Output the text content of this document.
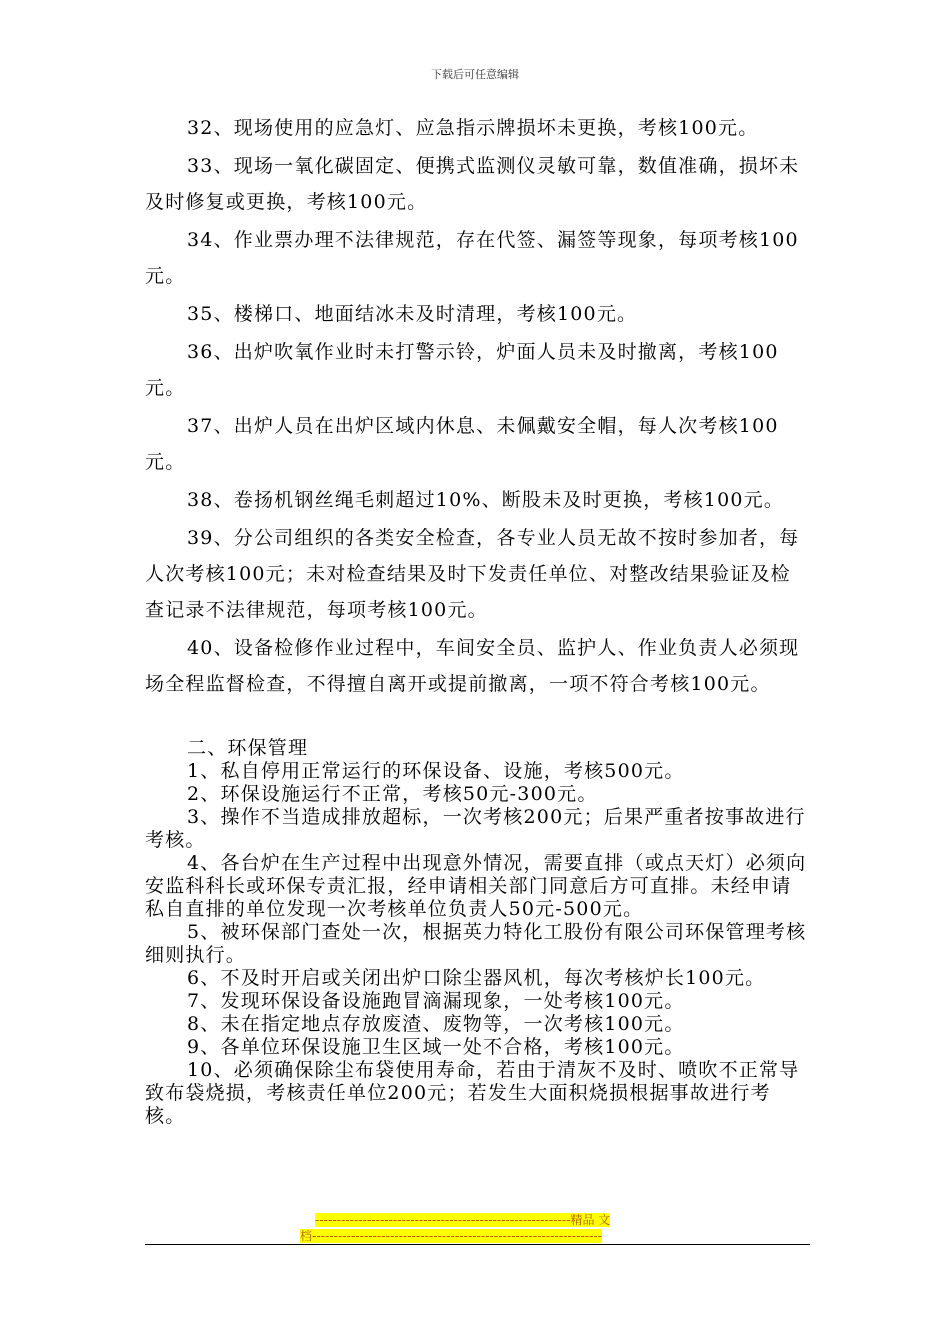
下载后可任意编辑

32、现场使用的应急灯、应急指示牌损坏未更换，考核100元。

33、现场一氧化碳固定、便携式监测仪灵敏可靠，数值准确，损坏未及时修复或更换，考核100元。

34、作业票办理不法律规范，存在代签、漏签等现象，每项考核100元。

35、楼梯口、地面结冰未及时清理，考核100元。

36、出炉吹氧作业时未打警示铃，炉面人员未及时撤离，考核100元。

37、出炉人员在出炉区域内休息、未佩戴安全帽，每人次考核100元。

38、卷扬机钢丝绳毛刺超过10%、断股未及时更换，考核100元。

39、分公司组织的各类安全检查，各专业人员无故不按时参加者，每人次考核100元；未对检查结果及时下发责任单位、对整改结果验证及检查记录不法律规范，每项考核100元。

40、设备检修作业过程中，车间安全员、监护人、作业负责人必须现场全程监督检查，不得擅自离开或提前撤离，一项不符合考核100元。

二、环保管理

1、私自停用正常运行的环保设备、设施，考核500元。

2、环保设施运行不正常，考核50元-300元。

3、操作不当造成排放超标，一次考核200元；后果严重者按事故进行考核。

4、各台炉在生产过程中出现意外情况，需要直排（或点天灯）必须向安监科科长或环保专责汇报，经申请相关部门同意后方可直排。未经申请私自直排的单位发现一次考核单位负责人50元-500元。

5、被环保部门查处一次，根据英力特化工股份有限公司环保管理考核细则执行。

6、不及时开启或关闭出炉口除尘器风机，每次考核炉长100元。

7、发现环保设备设施跑冒滴漏现象，一处考核100元。

8、未在指定地点存放废渣、废物等，一次考核100元。

9、各单位环保设施卫生区域一处不合格，考核100元。

10、必须确保除尘布袋使用寿命，若由于清灰不及时、喷吹不正常导致布袋烧损，考核责任单位200元；若发生大面积烧损根据事故进行考核。

-----------------------------------------------------------精品 文
档-------------------------------------------------------------------
